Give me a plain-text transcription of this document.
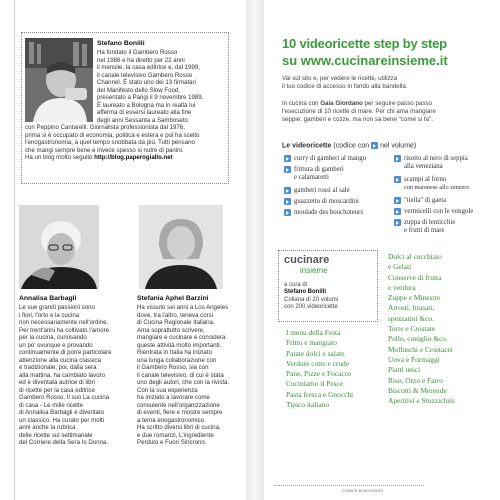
Stefano Bonilli
Ha fondato il Gambero Rosso
nel 1986 e ha diretto per 22 anni
il mensile, la casa editrice e, dal 1999,
il canale televisivo Gambero Rosso
Channel. È stato uno dei 13 firmatari
del Manifesto dello Slow Food,
presentato a Parigi il 9 novembre 1989.
È laureato a Bologna ma in realtà lui
afferma di essersi laureato alla fine
degli anni Sessanta a Samboseto
con Peppino Cantarelli. Giornalista professionista dal 1976,
prima si è occupato di economia, politica e estera e poi ha scelto
l'enogastronomia, a quel tempo snobbata da più. Tutti pensano
che mangi sempre bene e invece spesso si nutre di panini.
Ha un blog molto seguito http://blog.paperogiallo.net
Annalisa Barbagli
Le sue grandi passioni sono
i fiori, l'orto e la cucina
non necessariamente nell'ordine.
Per trent'anni ha coltivato l'amore
per la cucina, curiosando
un po' ovunque e provando
continuamente di porre particolare
attenzione alla cucina classica
e tradizionale; poi, dalla sera
alla mattina, ha cambiato lavoro
ed è diventata autrice di libri
di ricette per la casa editrice
Gambero Rosso. Il suo La cucina
di casa - Le mille ricette
di Annalisa Barbagli è diventato
un classico. Ha curato per molti
anni anche la rubrica
delle ricette sul settimanale
del Corriere della Sera Io Donna.
Stefania Aphel Barzini
Ha vissuto sei anni a Los Angeles
dove, tra l'altro, teneva corsi
di Cucina Regionale Italiana.
Ama soprattutto scrivere,
mangiare e cucinare e considera
queste attività molto importanti.
Rientrata in Italia ha iniziato
una lunga collaborazione con
il Gambero Rosso, sia con
il canale televisivo, di cui è stata
uno degli autori, che con la rivista.
Con la sua esperienza
ha iniziato a lavorare come
consulente nell'organizzazione
di eventi, fiere e mostre sempre
a tema enogastronomico.
Ha scritto diversi libri di cucina,
e due romanzi, L'ingrediente
Perduto e Fuori Sincrono.
10 videoricette step by step
su www.cucinareinsieme.it
Vai sul sito e, per vedere le ricette, utilizza
il tuo codice di accesso in fondo alla bandella.
In cucina con Gaia Giordano per seguire passo passo
l'esecuzione di 10 ricette di mare. Per chi ama mangiare
seppie, gamberi e cozze, ma non sa bene "come si fa".
Le videoricette (codice con  nel volume)
curry di gamberi al mango
frittura di gamberi
e calamaretti
gamberi rossi al sale
guazzetto di moscardini
moulade des bouchoteurs
risotto al nero di seppia
alla veneziana
scampi al forno
con maionese allo zenzero
"tiella" di gaeta
vermicelli con le vongole
zuppa di lenticchie
e frutti di mare
cucinare
insieme
a cura di
Stefano Bonilli
Collana di 20 volumi
con 200 videoricette
I menu della Festa
Fritto e mangiato
Patate dolci e salate
Verdure cotte e crude
Pane, Pizze e Focacce
Cuciniamo il Pesce
Pasta fresca e Gnocchi
Tipico italiano
Dolci al cucchiaio
e Gelati
Conserve di frutta
e verdura
Zuppe e Minestre
Arrosti, brasati,
spezzatini &co.
Torte e Crostate
Pollo, coniglio &co.
Molluschi e Crostacei
Uova e Formaggi
Piatti unici
Riso, Orzo e Farro
Biscotti & Merende
Aperitivi e Stuzzichini
CODICE DI ACCESSO
